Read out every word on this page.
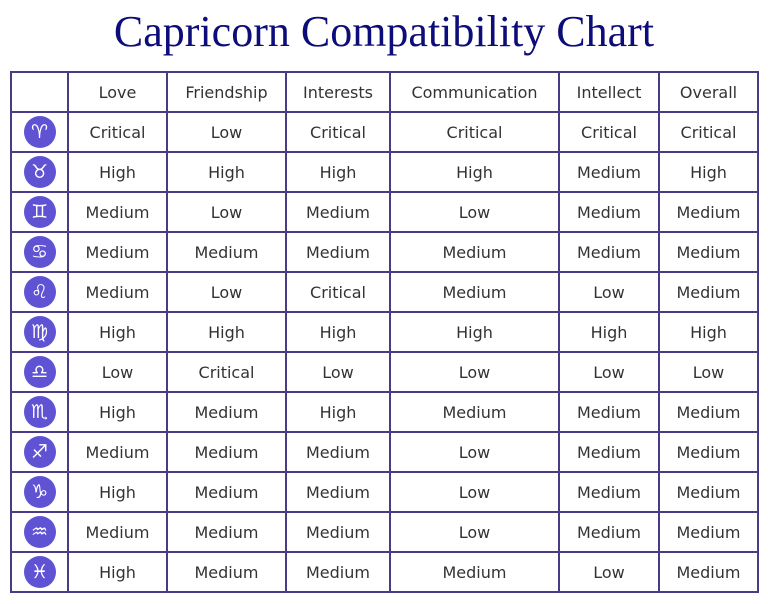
Capricorn Compatibility Chart
	Love	Friendship	Interests	Communication	Intellect	Overall
♈	Critical	Low	Critical	Critical	Critical	Critical
♉	High	High	High	High	Medium	High
♊	Medium	Low	Medium	Low	Medium	Medium
♋	Medium	Medium	Medium	Medium	Medium	Medium
♌	Medium	Low	Critical	Medium	Low	Medium
♍	High	High	High	High	High	High
♎	Low	Critical	Low	Low	Low	Low
♏	High	Medium	High	Medium	Medium	Medium
♐	Medium	Medium	Medium	Low	Medium	Medium
♑	High	Medium	Medium	Low	Medium	Medium
♒	Medium	Medium	Medium	Low	Medium	Medium
♓	High	Medium	Medium	Medium	Low	Medium
